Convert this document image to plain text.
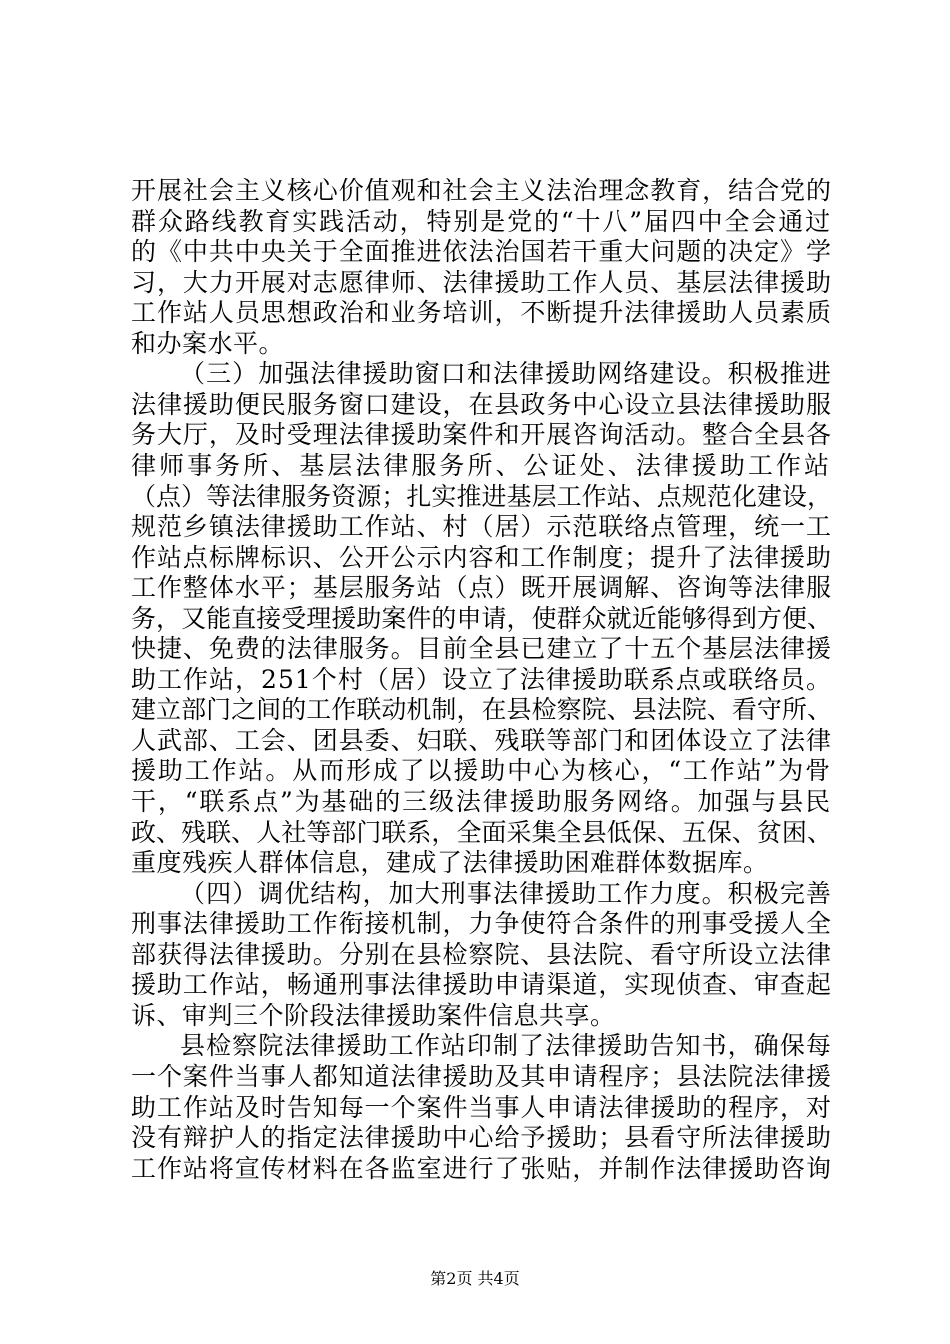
开展社会主义核心价值观和社会主义法治理念教育，结合党的
群众路线教育实践活动，特别是党的“十八”届四中全会通过
的《中共中央关于全面推进依法治国若干重大问题的决定》学
习，大力开展对志愿律师、法律援助工作人员、基层法律援助
工作站人员思想政治和业务培训，不断提升法律援助人员素质
和办案水平。
（三）加强法律援助窗口和法律援助网络建设。积极推进
法律援助便民服务窗口建设，在县政务中心设立县法律援助服
务大厅，及时受理法律援助案件和开展咨询活动。整合全县各
律师事务所、基层法律服务所、公证处、法律援助工作站
（点）等法律服务资源；扎实推进基层工作站、点规范化建设，
规范乡镇法律援助工作站、村（居）示范联络点管理，统一工
作站点标牌标识、公开公示内容和工作制度；提升了法律援助
工作整体水平；基层服务站（点）既开展调解、咨询等法律服
务，又能直接受理援助案件的申请，使群众就近能够得到方便、
快捷、免费的法律服务。目前全县已建立了十五个基层法律援
助工作站，251个村（居）设立了法律援助联系点或联络员。
建立部门之间的工作联动机制，在县检察院、县法院、看守所、
人武部、工会、团县委、妇联、残联等部门和团体设立了法律
援助工作站。从而形成了以援助中心为核心，“工作站”为骨
干，“联系点”为基础的三级法律援助服务网络。加强与县民
政、残联、人社等部门联系，全面采集全县低保、五保、贫困、
重度残疾人群体信息，建成了法律援助困难群体数据库。
（四）调优结构，加大刑事法律援助工作力度。积极完善
刑事法律援助工作衔接机制，力争使符合条件的刑事受援人全
部获得法律援助。分别在县检察院、县法院、看守所设立法律
援助工作站，畅通刑事法律援助申请渠道，实现侦查、审查起
诉、审判三个阶段法律援助案件信息共享。
县检察院法律援助工作站印制了法律援助告知书，确保每
一个案件当事人都知道法律援助及其申请程序；县法院法律援
助工作站及时告知每一个案件当事人申请法律援助的程序，对
没有辩护人的指定法律援助中心给予援助；县看守所法律援助
工作站将宣传材料在各监室进行了张贴，并制作法律援助咨询
第2页 共4页
